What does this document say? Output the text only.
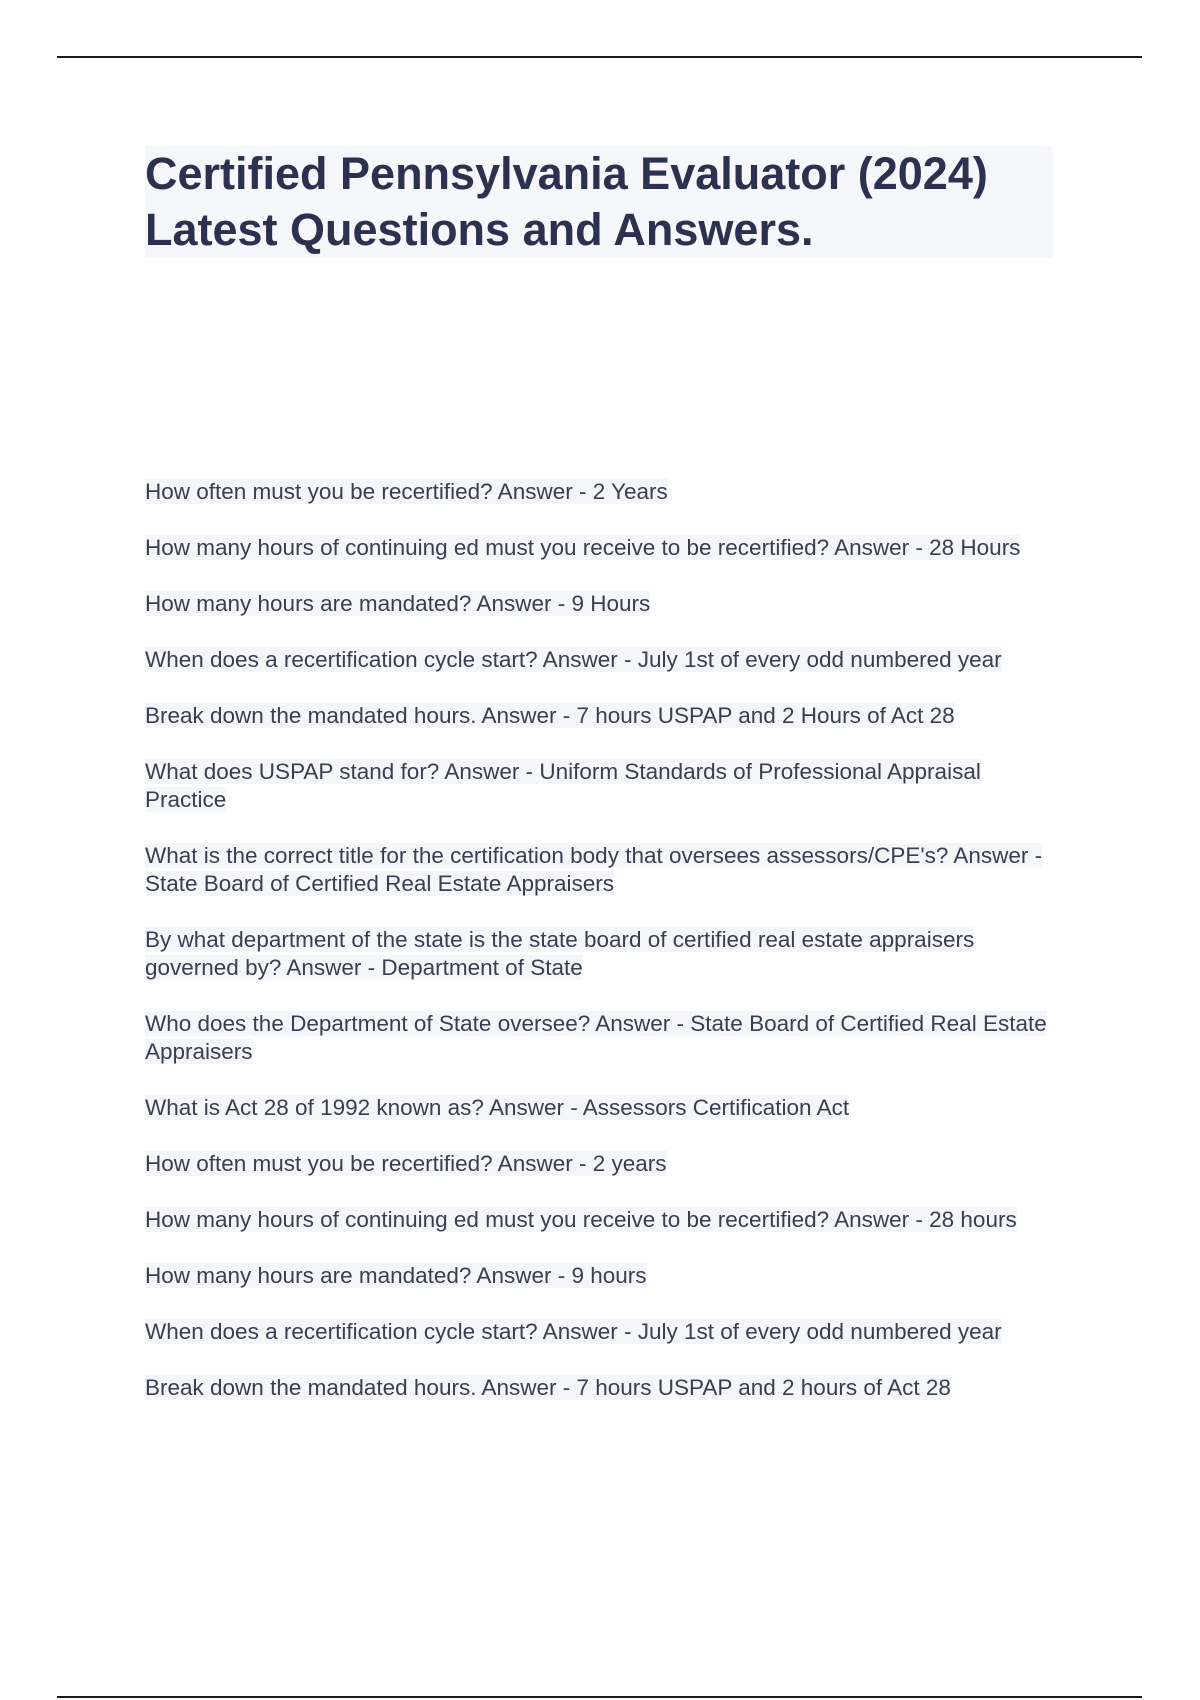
Certified Pennsylvania Evaluator (2024)
Latest Questions and Answers.

How often must you be recertified? Answer - 2 Years

How many hours of continuing ed must you receive to be recertified? Answer - 28 Hours

How many hours are mandated? Answer - 9 Hours

When does a recertification cycle start? Answer - July 1st of every odd numbered year

Break down the mandated hours. Answer - 7 hours USPAP and 2 Hours of Act 28

What does USPAP stand for? Answer - Uniform Standards of Professional Appraisal Practice

What is the correct title for the certification body that oversees assessors/CPE's? Answer - State Board of Certified Real Estate Appraisers

By what department of the state is the state board of certified real estate appraisers governed by? Answer - Department of State

Who does the Department of State oversee? Answer - State Board of Certified Real Estate Appraisers

What is Act 28 of 1992 known as? Answer - Assessors Certification Act

How often must you be recertified? Answer - 2 years

How many hours of continuing ed must you receive to be recertified? Answer - 28 hours

How many hours are mandated? Answer - 9 hours

When does a recertification cycle start? Answer - July 1st of every odd numbered year

Break down the mandated hours. Answer - 7 hours USPAP and 2 hours of Act 28
